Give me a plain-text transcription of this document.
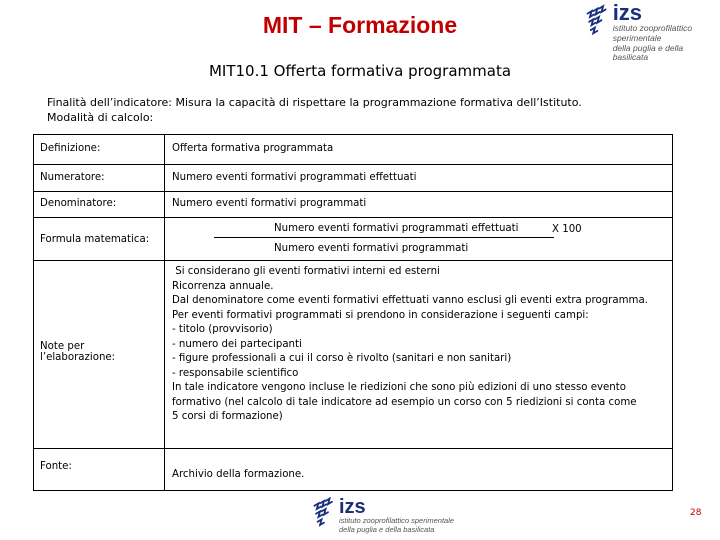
MIT – Formazione	izs
istituto zooprofilattico sperimentale
della puglia e della basilicata
MIT10.1 Offerta formativa programmata
Finalità dell’indicatore: Misura la capacità di rispettare la programmazione formativa dell’Istituto.
Modalità di calcolo:
Definizione:	Offerta formativa programmata
Numeratore:	Numero eventi formativi programmati effettuati
Denominatore:	Numero eventi formativi programmati
Formula matematica:
Numero eventi formativi programmati effettuati	X 100
Numero eventi formativi programmati
Note per
l’elaborazione:
Si considerano gli eventi formativi interni ed esterni
Ricorrenza annuale.
Dal denominatore come eventi formativi effettuati vanno esclusi gli eventi extra programma.
Per eventi formativi programmati si prendono in considerazione i seguenti campi:
- titolo (provvisorio)
- numero dei partecipanti
- figure professionali a cui il corso è rivolto (sanitari e non sanitari)
- responsabile scientifico
In tale indicatore vengono incluse le riedizioni che sono più edizioni di uno stesso evento
formativo (nel calcolo di tale indicatore ad esempio un corso con 5 riedizioni si conta come
5 corsi di formazione)
Fonte:
Archivio della formazione.
izs
istituto zooprofilattico sperimentale
della puglia e della basilicata
28
